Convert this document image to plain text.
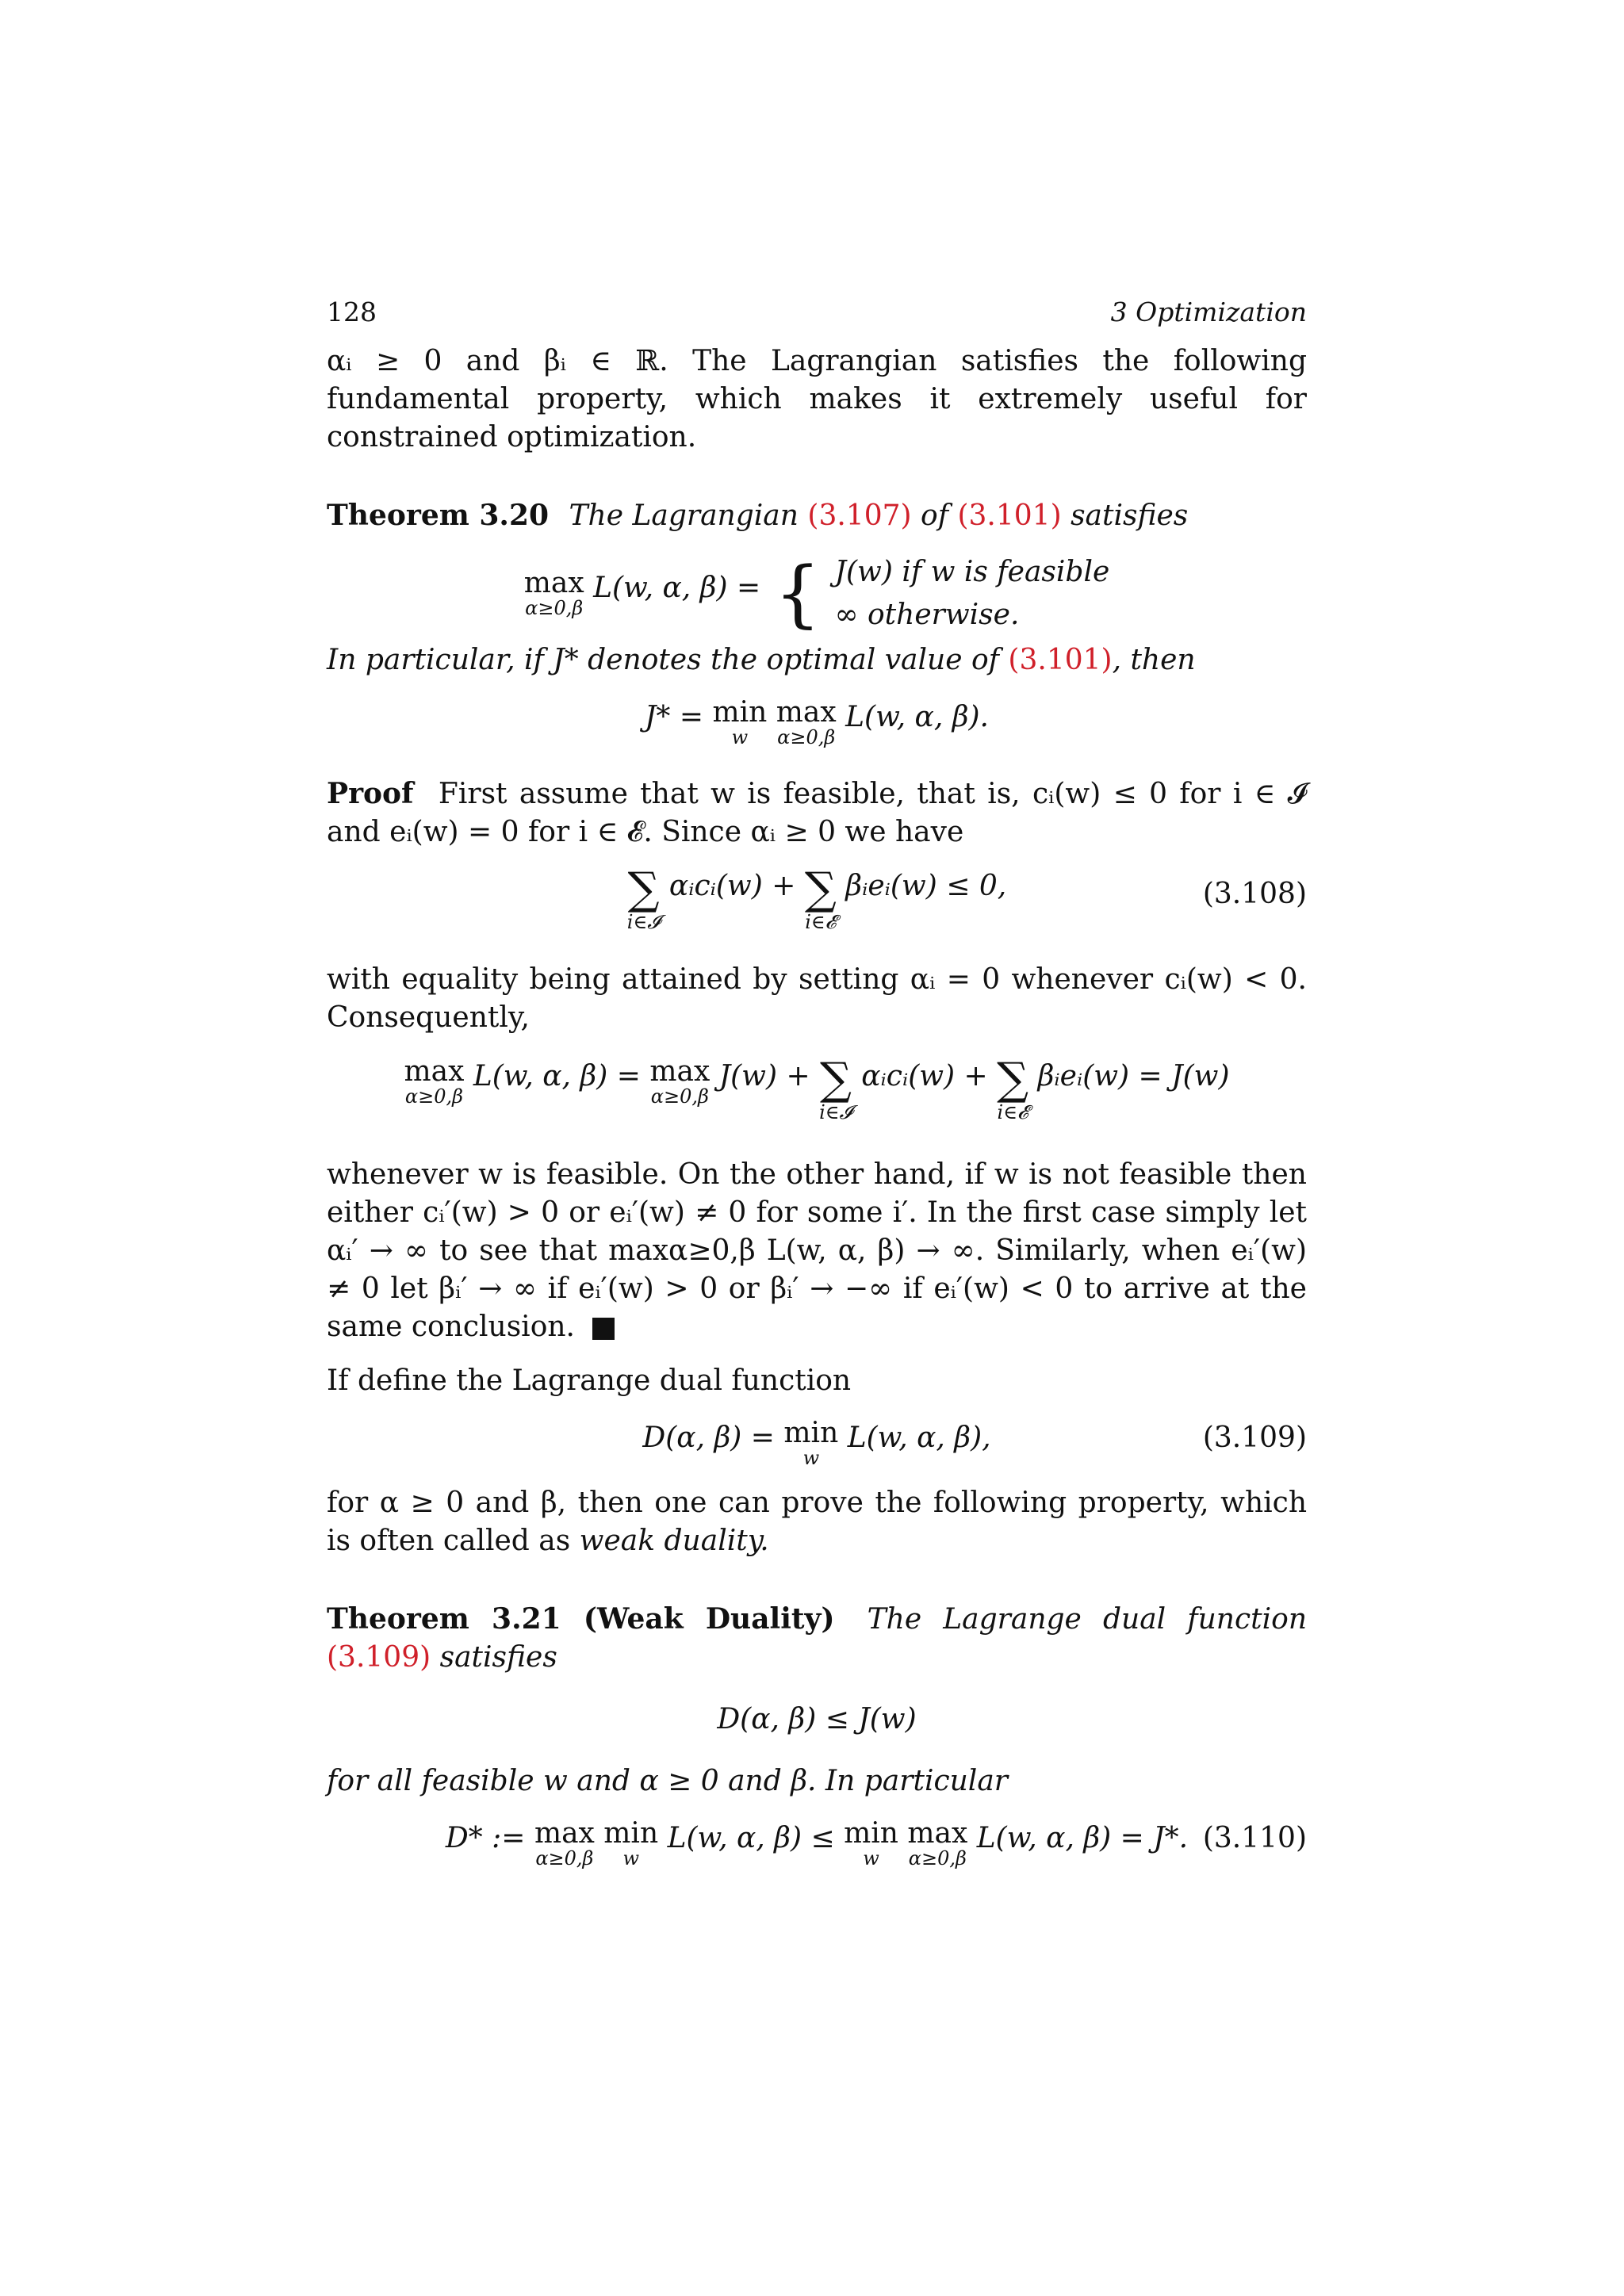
128	3 Optimization

αᵢ ≥ 0 and βᵢ ∈ ℝ. The Lagrangian satisfies the following fundamental property, which makes it extremely useful for constrained optimization.

Theorem 3.20 The Lagrangian (3.107) of (3.101) satisfies

max
α≥0,β
L(w, α, β) = { J(w) if w is feasible
∞ otherwise.

In particular, if J* denotes the optimal value of (3.101), then

J* = min
w
max
α≥0,β
L(w, α, β).

Proof First assume that w is feasible, that is, cᵢ(w) ≤ 0 for i ∈ 𝓘 and eᵢ(w) = 0 for i ∈ 𝓔. Since αᵢ ≥ 0 we have

∑
i∈𝓘
αᵢcᵢ(w) + ∑
i∈𝓔
βᵢeᵢ(w) ≤ 0,	(3.108)

with equality being attained by setting αᵢ = 0 whenever cᵢ(w) < 0. Consequently,

max
α≥0,β
L(w, α, β) = max
α≥0,β
J(w) + ∑
i∈𝓘
αᵢcᵢ(w) + ∑
i∈𝓔
βᵢeᵢ(w) = J(w)

whenever w is feasible. On the other hand, if w is not feasible then either cᵢ′(w) > 0 or eᵢ′(w) ≠ 0 for some i′. In the first case simply let αᵢ′ → ∞ to see that maxα≥0,β L(w, α, β) → ∞. Similarly, when eᵢ′(w) ≠ 0 let βᵢ′ → ∞ if eᵢ′(w) > 0 or βᵢ′ → −∞ if eᵢ′(w) < 0 to arrive at the same conclusion.

If define the Lagrange dual function

D(α, β) = min
w
L(w, α, β),	(3.109)

for α ≥ 0 and β, then one can prove the following property, which is often called as weak duality.

Theorem 3.21 (Weak Duality) The Lagrange dual function (3.109) satisfies

D(α, β) ≤ J(w)

for all feasible w and α ≥ 0 and β. In particular

D* := max
α≥0,β
min
w
L(w, α, β) ≤ min
w
max
α≥0,β
L(w, α, β) = J*. (3.110)
